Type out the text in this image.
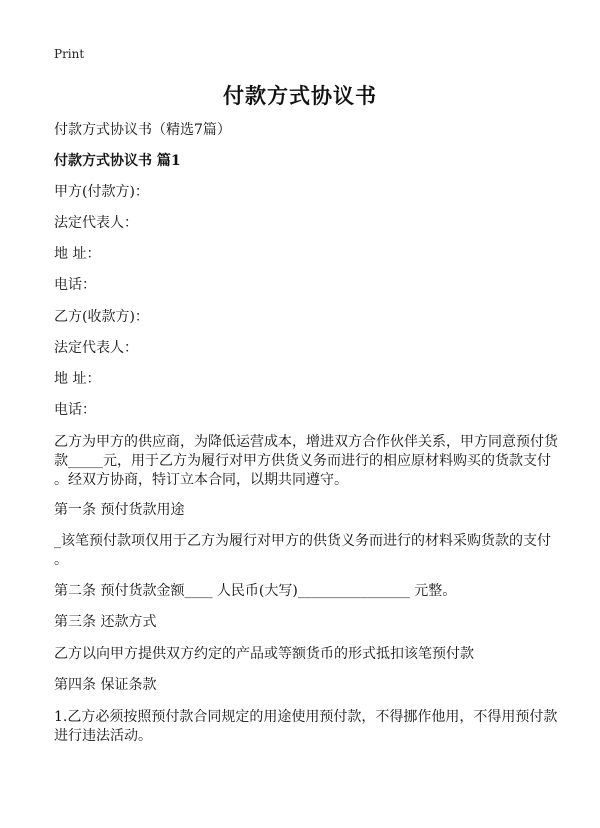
Print
付款方式协议书
付款方式协议书（精选7篇）
付款方式协议书 篇1
甲方(付款方)：
法定代表人：
地 址：
电话：
乙方(收款方)：
法定代表人：
地 址：
电话：
乙方为甲方的供应商，为降低运营成本，增进双方合作伙伴关系，甲方同意预付货
款_____元，用于乙方为履行对甲方供货义务而进行的相应原材料购买的货款支付
。经双方协商，特订立本合同，以期共同遵守。
第一条 预付货款用途
_该笔预付款项仅用于乙方为履行对甲方的供货义务而进行的材料采购货款的支付
。
第二条 预付货款金额____ 人民币(大写)________________ 元整。
第三条 还款方式
乙方以向甲方提供双方约定的产品或等额货币的形式抵扣该笔预付款
第四条 保证条款
1.乙方必须按照预付款合同规定的用途使用预付款，不得挪作他用，不得用预付款
进行违法活动。
